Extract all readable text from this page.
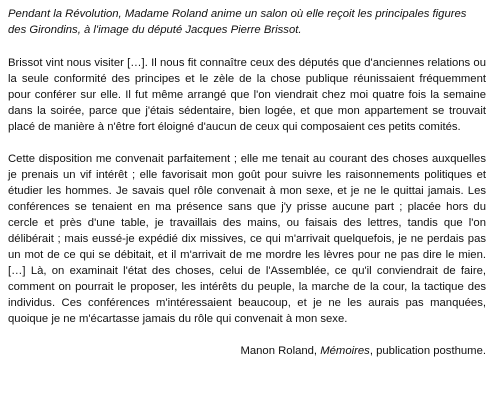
Pendant la Révolution, Madame Roland anime un salon où elle reçoit les principales figures des Girondins, à l'image du député Jacques Pierre Brissot.

Brissot vint nous visiter […]. Il nous fit connaître ceux des députés que d'anciennes relations ou la seule conformité des principes et le zèle de la chose publique réunissaient fréquemment pour conférer sur elle. Il fut même arrangé que l'on viendrait chez moi quatre fois la semaine dans la soirée, parce que j'étais sédentaire, bien logée, et que mon appartement se trouvait placé de manière à n'être fort éloigné d'aucun de ceux qui composaient ces petits comités.

Cette disposition me convenait parfaitement ; elle me tenait au courant des choses auxquelles je prenais un vif intérêt ; elle favorisait mon goût pour suivre les raisonnements politiques et étudier les hommes. Je savais quel rôle convenait à mon sexe, et je ne le quittai jamais. Les conférences se tenaient en ma présence sans que j'y prisse aucune part ; placée hors du cercle et près d'une table, je travaillais des mains, ou faisais des lettres, tandis que l'on délibérait ; mais eussé-je expédié dix missives, ce qui m'arrivait quelquefois, je ne perdais pas un mot de ce qui se débitait, et il m'arrivait de me mordre les lèvres pour ne pas dire le mien. […] Là, on examinait l'état des choses, celui de l'Assemblée, ce qu'il conviendrait de faire, comment on pourrait le proposer, les intérêts du peuple, la marche de la cour, la tactique des individus. Ces conférences m'intéressaient beaucoup, et je ne les aurais pas manquées, quoique je ne m'écartasse jamais du rôle qui convenait à mon sexe.

Manon Roland, Mémoires, publication posthume.
